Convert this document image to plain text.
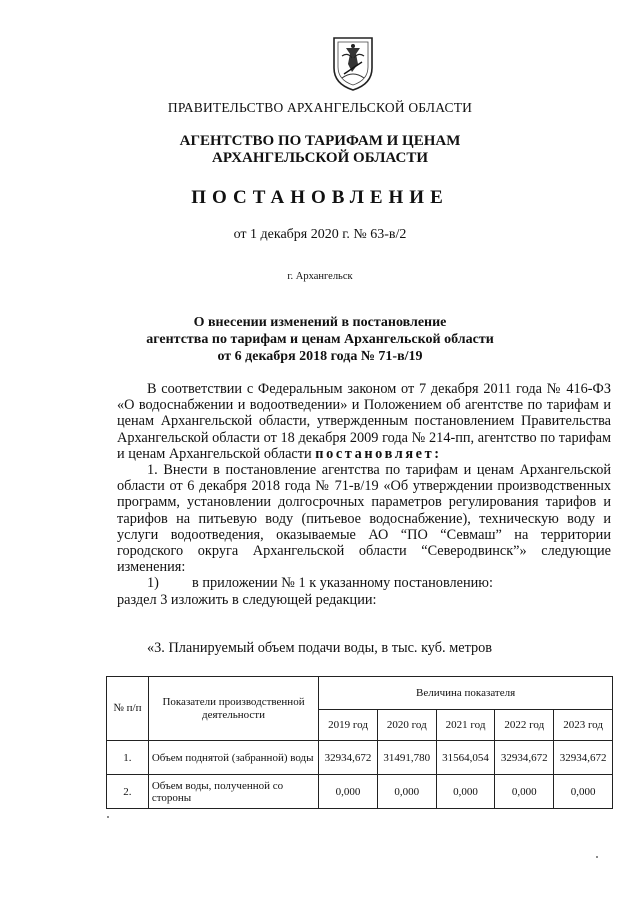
ПРАВИТЕЛЬСТВО АРХАНГЕЛЬСКОЙ ОБЛАСТИ
АГЕНТСТВО ПО ТАРИФАМ И ЦЕНАМ
АРХАНГЕЛЬСКОЙ ОБЛАСТИ
ПОСТАНОВЛЕНИЕ
от 1 декабря 2020 г. № 63-в/2
г. Архангельск
О внесении изменений в постановление
агентства по тарифам и ценам Архангельской области
от 6 декабря 2018 года № 71-в/19
В соответствии с Федеральным законом от 7 декабря 2011 года № 416-ФЗ «О водоснабжении и водоотведении» и Положением об агентстве по тарифам и ценам Архангельской области, утвержденным постановлением Правительства Архангельской области от 18 декабря 2009 года № 214-пп, агентство по тарифам и ценам Архангельской области постановляет:
1. Внести в постановление агентства по тарифам и ценам Архангельской области от 6 декабря 2018 года № 71-в/19 «Об утверждении производственных программ, установлении долгосрочных параметров регулирования тарифов и тарифов на питьевую воду (питьевое водоснабжение), техническую воду и услуги водоотведения, оказываемые АО “ПО “Севмаш” на территории городского округа Архангельской области “Северодвинск”» следующие изменения:
1)	в приложении № 1 к указанному постановлению:
раздел 3 изложить в следующей редакции:
«3. Планируемый объем подачи воды, в тыс. куб. метров
№ п/п	Показатели производственной деятельности	Величина показателя				
		2019 год	2020 год	2021 год	2022 год	2023 год
1.	Объем поднятой (забранной) воды	32934,672	31491,780	31564,054	32934,672	32934,672
2.	Объем воды, полученной со стороны	0,000	0,000	0,000	0,000	0,000
